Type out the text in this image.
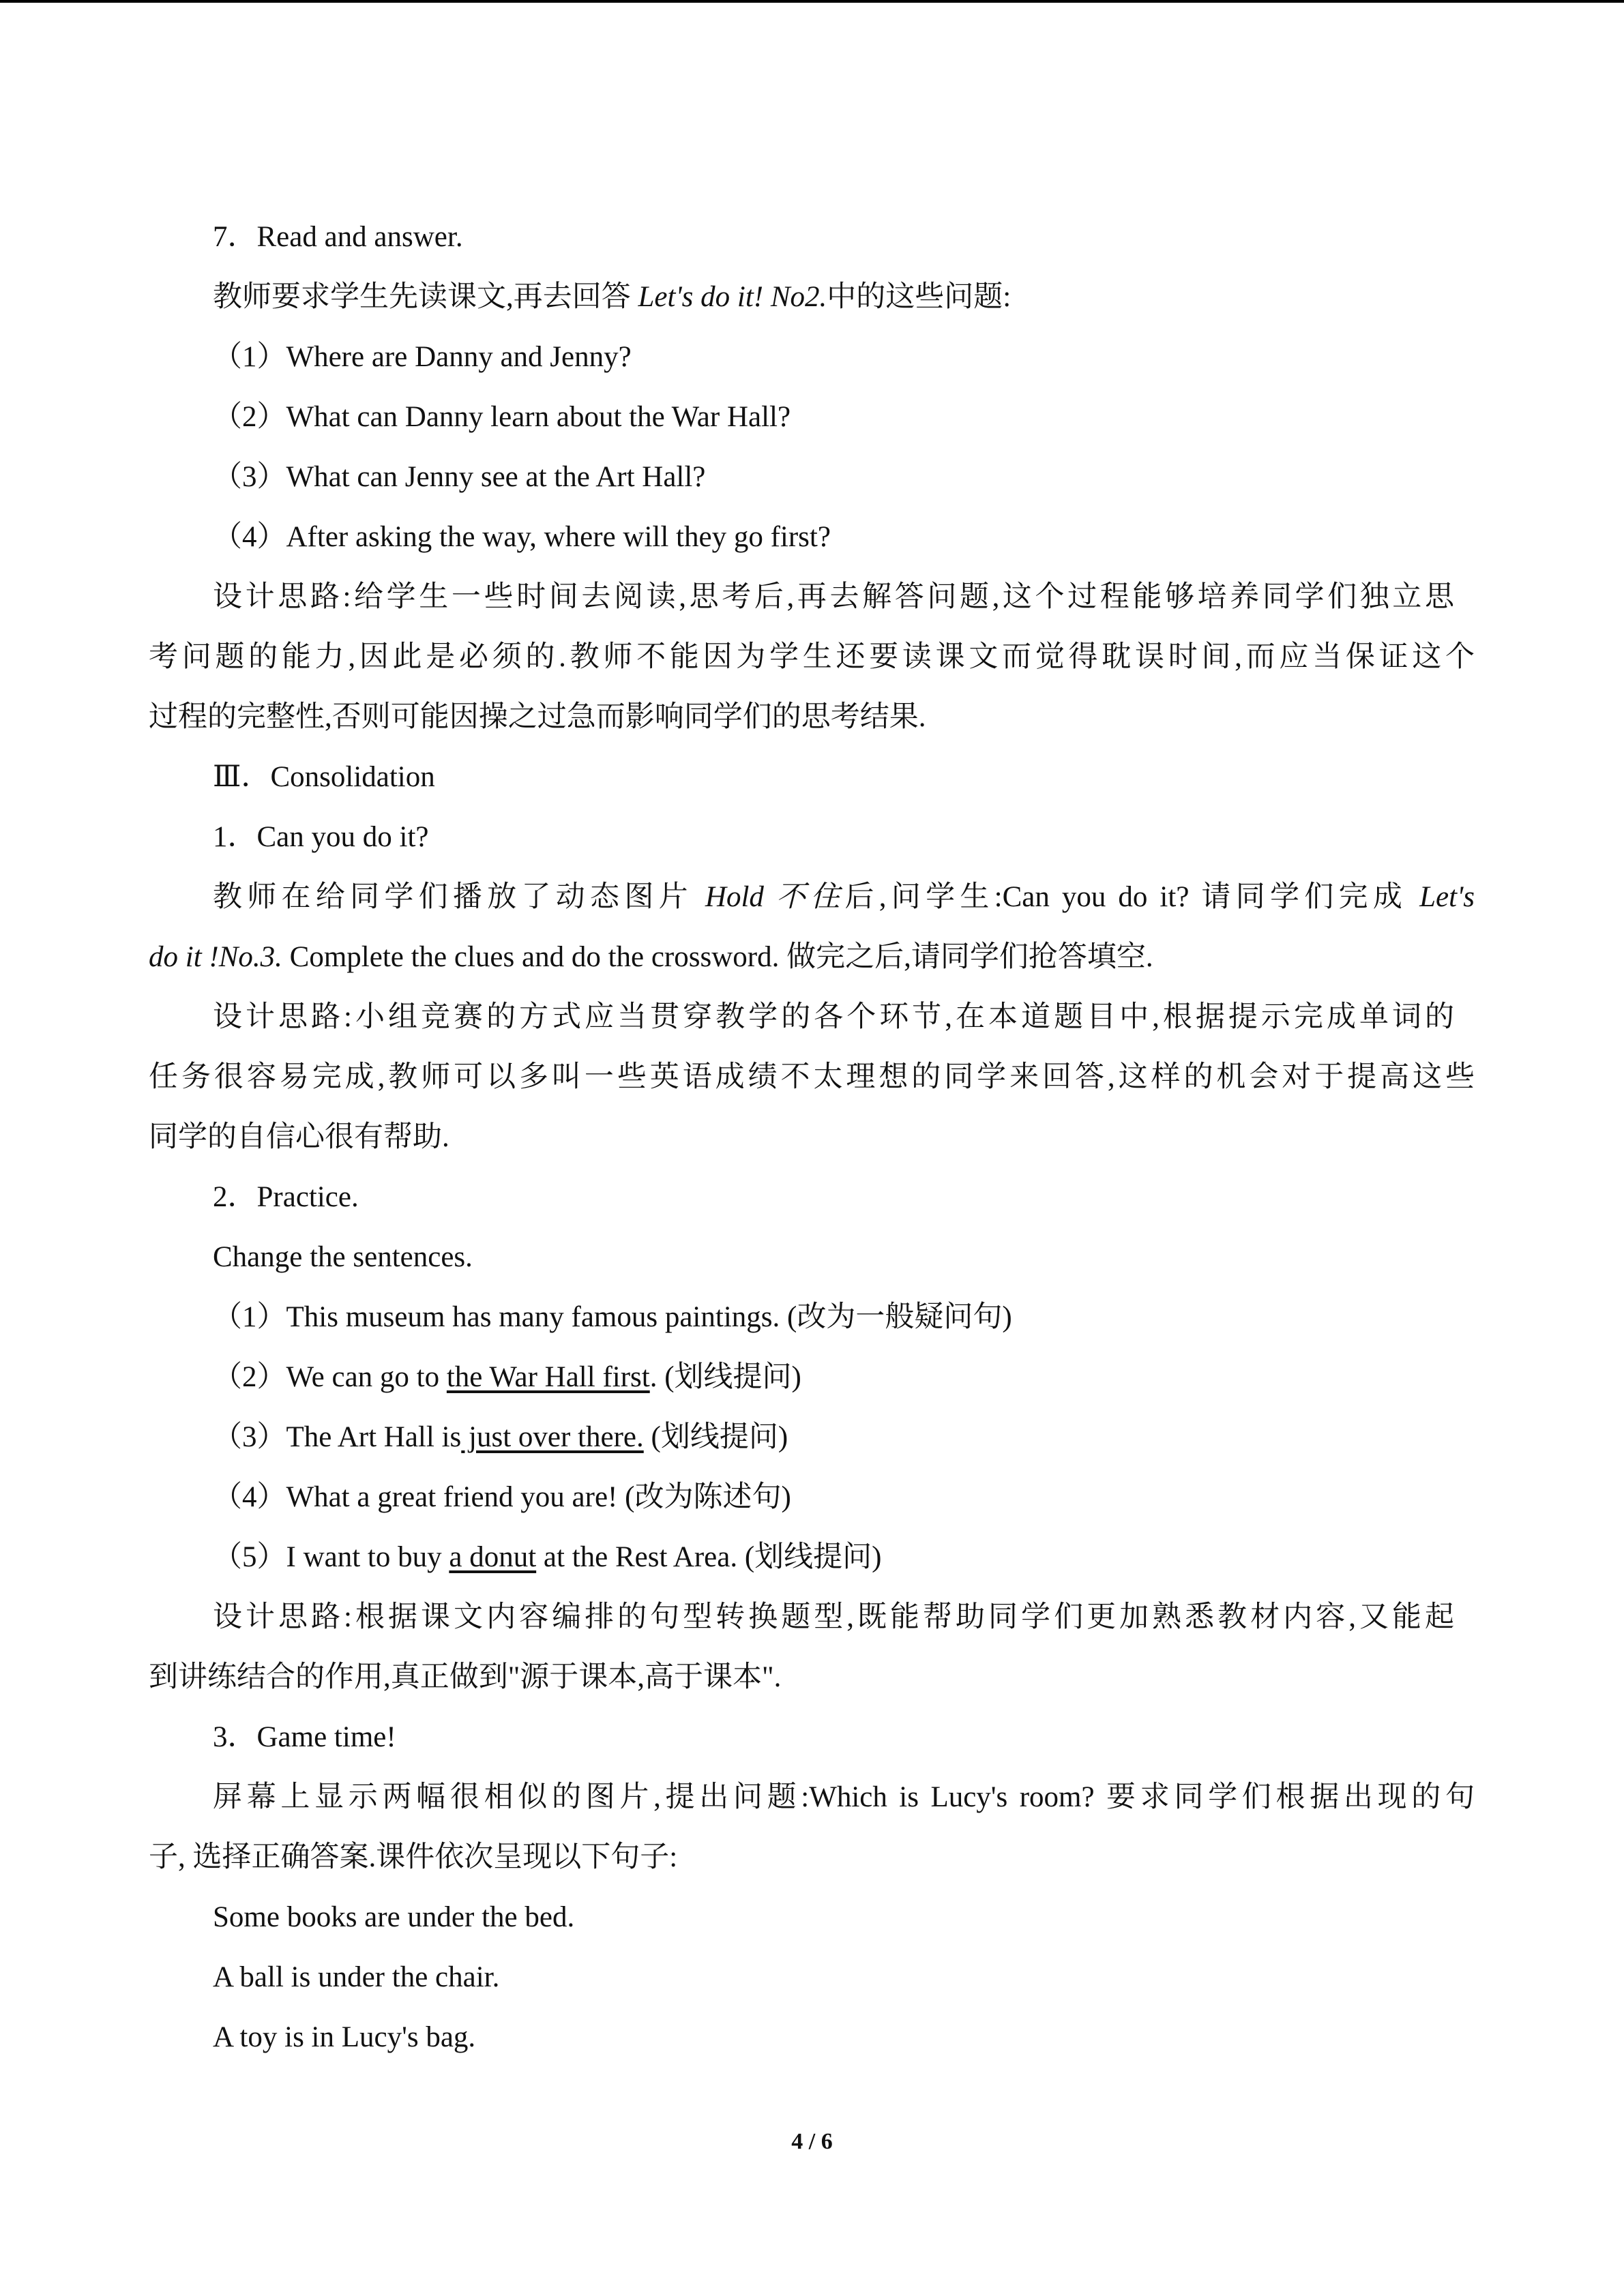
7．Read and answer.
教师要求学生先读课文,再去回答 Let's do it! No2.中的这些问题:
（1）Where are Danny and Jenny?
（2）What can Danny learn about the War Hall?
（3）What can Jenny see at the Art Hall?
（4）After asking the way, where will they go first?
设计思路:给学生一些时间去阅读,思考后,再去解答问题,这个过程能够培养同学们独立思
考问题的能力,因此是必须的.教师不能因为学生还要读课文而觉得耽误时间,而应当保证这个
过程的完整性,否则可能因操之过急而影响同学们的思考结果.
Ⅲ．Consolidation
1．Can you do it?
教师在给同学们播放了动态图片 Hold 不住后,问学生:Can you do it? 请同学们完成 Let's
do it !No.3. Complete the clues and do the crossword. 做完之后,请同学们抢答填空.
设计思路:小组竞赛的方式应当贯穿教学的各个环节,在本道题目中,根据提示完成单词的
任务很容易完成,教师可以多叫一些英语成绩不太理想的同学来回答,这样的机会对于提高这些
同学的自信心很有帮助.
2．Practice.
Change the sentences.
（1）This museum has many famous paintings. (改为一般疑问句)
（2）We can go to the War Hall first. (划线提问)
（3）The Art Hall is just over there. (划线提问)
（4）What a great friend you are! (改为陈述句)
（5）I want to buy a donut at the Rest Area. (划线提问)
设计思路:根据课文内容编排的句型转换题型,既能帮助同学们更加熟悉教材内容,又能起
到讲练结合的作用,真正做到"源于课本,高于课本".
3．Game time!
屏幕上显示两幅很相似的图片,提出问题:Which is Lucy's room? 要求同学们根据出现的句
子, 选择正确答案.课件依次呈现以下句子:
Some books are under the bed.
A ball is under the chair.
A toy is in Lucy's bag.
4 / 6
